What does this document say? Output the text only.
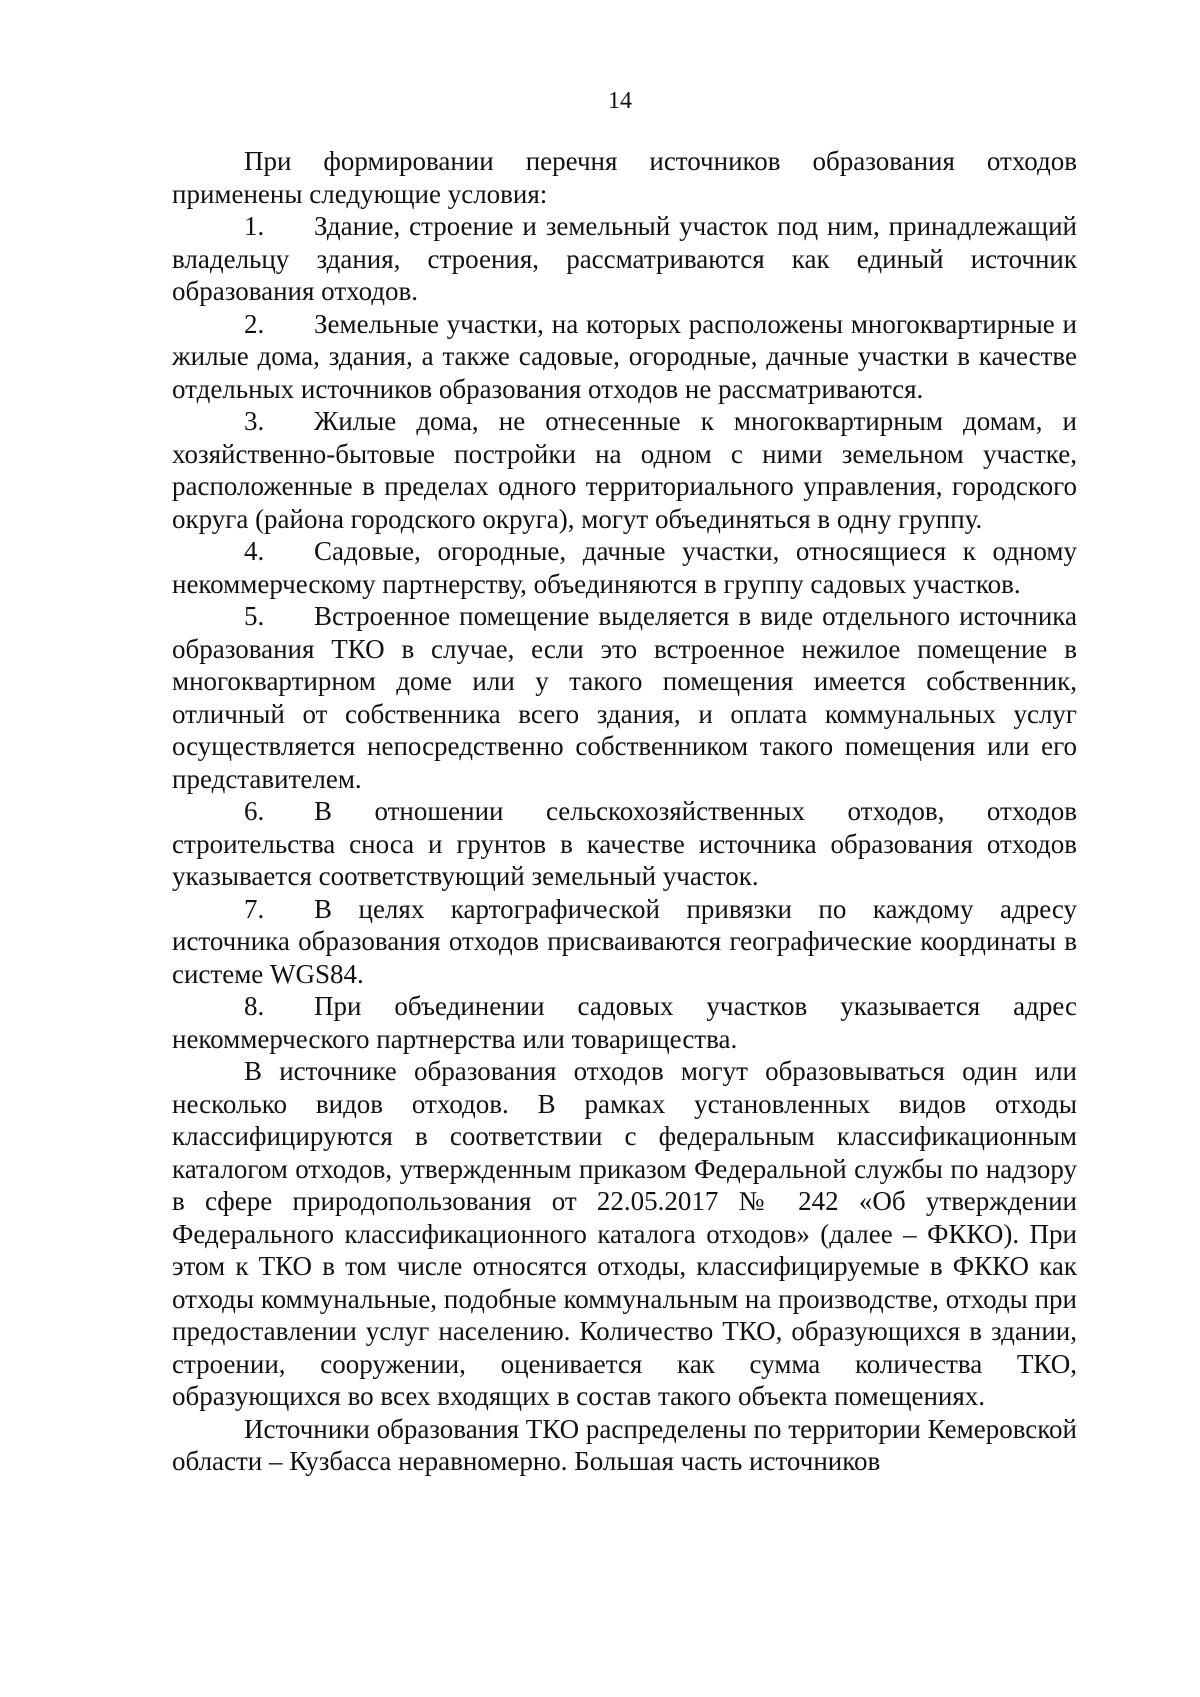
14

При формировании перечня источников образования отходов применены следующие условия:

1. Здание, строение и земельный участок под ним, принадлежащий владельцу здания, строения, рассматриваются как единый источник образования отходов.

2. Земельные участки, на которых расположены многоквартирные и жилые дома, здания, а также садовые, огородные, дачные участки в качестве отдельных источников образования отходов не рассматриваются.

3. Жилые дома, не отнесенные к многоквартирным домам, и хозяйственно-бытовые постройки на одном с ними земельном участке, расположенные в пределах одного территориального управления, городского округа (района городского округа), могут объединяться в одну группу.

4. Садовые, огородные, дачные участки, относящиеся к одному некоммерческому партнерству, объединяются в группу садовых участков.

5. Встроенное помещение выделяется в виде отдельного источника образования ТКО в случае, если это встроенное нежилое помещение в многоквартирном доме или у такого помещения имеется собственник, отличный от собственника всего здания, и оплата коммунальных услуг осуществляется непосредственно собственником такого помещения или его представителем.

6. В отношении сельскохозяйственных отходов, отходов строительства сноса и грунтов в качестве источника образования отходов указывается соответствующий земельный участок.

7. В целях картографической привязки по каждому адресу источника образования отходов присваиваются географические координаты в системе WGS84.

8. При объединении садовых участков указывается адрес некоммерческого партнерства или товарищества.

В источнике образования отходов могут образовываться один или несколько видов отходов. В рамках установленных видов отходы классифицируются в соответствии с федеральным классификационным каталогом отходов, утвержденным приказом Федеральной службы по надзору в сфере природопользования от 22.05.2017 № 242 «Об утверждении Федерального классификационного каталога отходов» (далее – ФККО). При этом к ТКО в том числе относятся отходы, классифицируемые в ФККО как отходы коммунальные, подобные коммунальным на производстве, отходы при предоставлении услуг населению. Количество ТКО, образующихся в здании, строении, сооружении, оценивается как сумма количества ТКО, образующихся во всех входящих в состав такого объекта помещениях.

Источники образования ТКО распределены по территории Кемеровской области – Кузбасса неравномерно. Большая часть источников
